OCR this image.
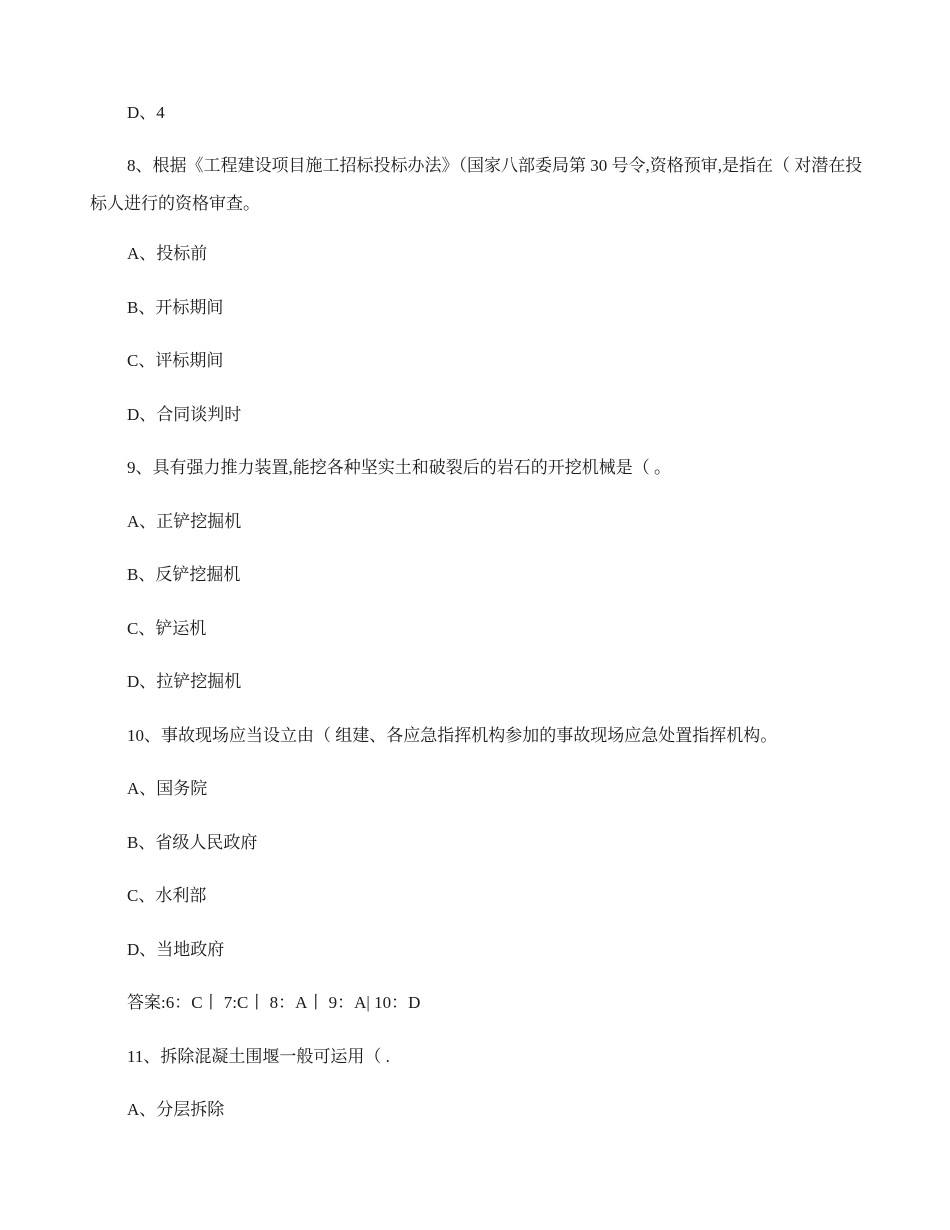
D、4
8、根据《工程建设项目施工招标投标办法》（国家八部委局第 30 号令,资格预审,是指在（ 对潜在投标人进行的资格审查。
A、投标前
B、开标期间
C、评标期间
D、合同谈判时
9、具有强力推力装置,能挖各种坚实土和破裂后的岩石的开挖机械是（ 。
A、正铲挖掘机
B、反铲挖掘机
C、铲运机
D、拉铲挖掘机
10、事故现场应当设立由（ 组建、各应急指挥机构参加的事故现场应急处置指挥机构。
A、国务院
B、省级人民政府
C、水利部
D、当地政府
答案:6：C丨 7:C丨 8：A丨 9：A| 10：D
11、拆除混凝土围堰一般可运用（ .
A、分层拆除
